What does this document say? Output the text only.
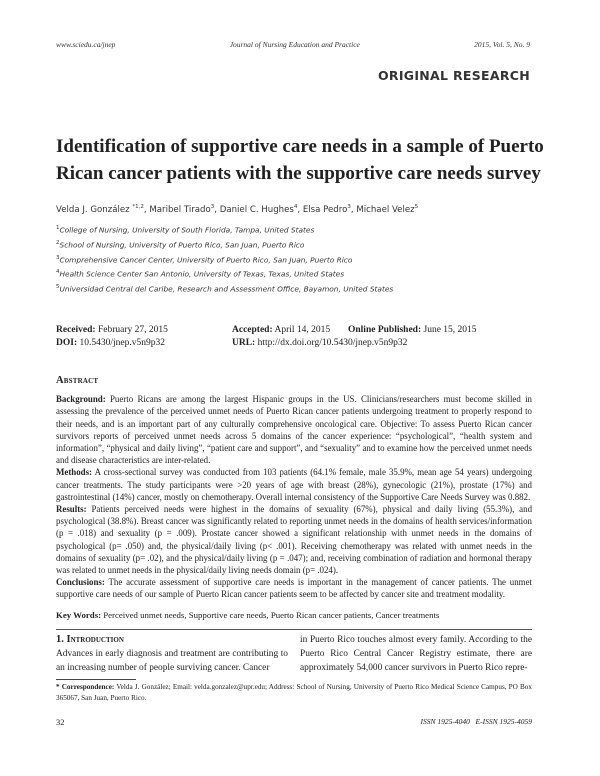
www.sciedu.ca/jnep	Journal of Nursing Education and Practice	2015, Vol. 5, No. 9
ORIGINAL RESEARCH
Identification of supportive care needs in a sample of Puerto Rican cancer patients with the supportive care needs survey
Velda J. González $^{*1,2}$, Maribel Tirado$^3$, Daniel C. Hughes$^4$, Elsa Pedro$^3$, Michael Velez$^5$
$^1$College of Nursing, University of South Florida, Tampa, United States
$^2$School of Nursing, University of Puerto Rico, San Juan, Puerto Rico
$^3$Comprehensive Cancer Center, University of Puerto Rico, San Juan, Puerto Rico
$^4$Health Science Center San Antonio, University of Texas, Texas, United States
$^5$Universidad Central del Caribe, Research and Assessment Office, Bayamon, United States
Received: February 27, 2015	Accepted: April 14, 2015	Online Published: June 15, 2015
DOI: 10.5430/jnep.v5n9p32	URL: http://dx.doi.org/10.5430/jnep.v5n9p32
Abstract

Background: Puerto Ricans are among the largest Hispanic groups in the US. Clinicians/researchers must become skilled in assessing the prevalence of the perceived unmet needs of Puerto Rican cancer patients undergoing treatment to properly respond to their needs, and is an important part of any culturally comprehensive oncological care. Objective: To assess Puerto Rican cancer survivors reports of perceived unmet needs across 5 domains of the cancer experience: “psychological”, “health system and information”, “physical and daily living”, “patient care and support”, and “sexuality” and to examine how the perceived unmet needs and disease characteristics are inter-related.

Methods: A cross-sectional survey was conducted from 103 patients (64.1% female, male 35.9%, mean age 54 years) undergoing cancer treatments. The study participants were >20 years of age with breast (28%), gynecologic (21%), prostate (17%) and gastrointestinal (14%) cancer, mostly on chemotherapy. Overall internal consistency of the Supportive Care Needs Survey was 0.882.

Results: Patients perceived needs were highest in the domains of sexuality (67%), physical and daily living (55.3%), and psychological (38.8%). Breast cancer was significantly related to reporting unmet needs in the domains of health services/information (p = .018) and sexuality (p = .009). Prostate cancer showed a significant relationship with unmet needs in the domains of psychological (p= .050) and, the physical/daily living (p< .001). Receiving chemotherapy was related with unmet needs in the domains of sexuality (p= .02), and the physical/daily living (p = .047); and, receiving combination of radiation and hormonal therapy was related to unmet needs in the physical/daily living needs domain (p= .024).

Conclusions: The accurate assessment of supportive care needs is important in the management of cancer patients. The unmet supportive care needs of our sample of Puerto Rican cancer patients seem to be affected by cancer site and treatment modality.

Key Words: Perceived unmet needs, Supportive care needs, Puerto Rican cancer patients, Cancer treatments
1. Introduction
Advances in early diagnosis and treatment are contributing to an increasing number of people surviving cancer. Cancer
in Puerto Rico touches almost every family. According to the Puerto Rico Central Cancer Registry estimate, there are approximately 54,000 cancer survivors in Puerto Rico repre-
* Correspondence: Velda J. González; Email: velda.gonzalez@upr.edu; Address: School of Nursing, University of Puerto Rico Medical Science Campus, PO Box 365067, San Juan, Puerto Rico.
32	ISSN 1925-4040   E-ISSN 1925-4059
